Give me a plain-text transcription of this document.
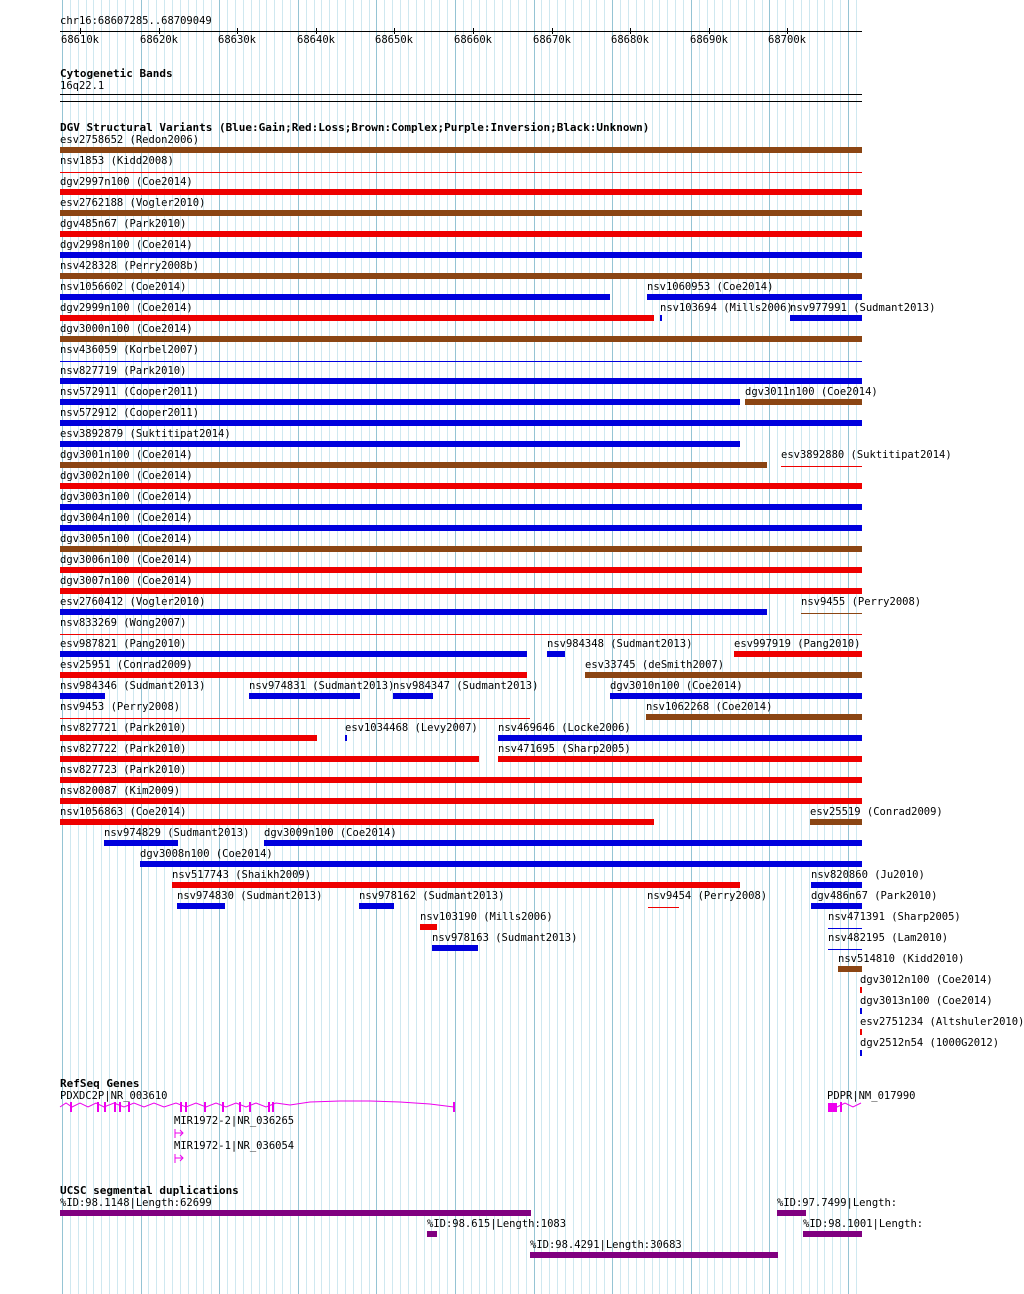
chr16:68607285..68709049
68610k	68620k	68630k	68640k	68650k	68660k	68670k	68680k	68690k	68700k
Cytogenetic Bands
16q22.1
DGV Structural Variants (Blue:Gain;Red:Loss;Brown:Complex;Purple:Inversion;Black:Unknown)
esv2758652 (Redon2006)
nsv1853 (Kidd2008)
dgv2997n100 (Coe2014)
esv2762188 (Vogler2010)
dgv485n67 (Park2010)
dgv2998n100 (Coe2014)
nsv428328 (Perry2008b)
nsv1056602 (Coe2014)	nsv1060953 (Coe2014)
dgv2999n100 (Coe2014)	nsv103694 (Mills2006)
nsv977991 (Sudmant2013)
dgv3000n100 (Coe2014)
nsv436059 (Korbel2007)
nsv827719 (Park2010)
nsv572911 (Cooper2011)	dgv3011n100 (Coe2014)
nsv572912 (Cooper2011)
esv3892879 (Suktitipat2014)
dgv3001n100 (Coe2014)	esv3892880 (Suktitipat2014)
dgv3002n100 (Coe2014)
dgv3003n100 (Coe2014)
dgv3004n100 (Coe2014)
dgv3005n100 (Coe2014)
dgv3006n100 (Coe2014)
dgv3007n100 (Coe2014)
esv2760412 (Vogler2010)	nsv9455 (Perry2008)
nsv833269 (Wong2007)
esv987821 (Pang2010)	nsv984348 (Sudmant2013)	esv997919 (Pang2010)
esv25951 (Conrad2009)	esv33745 (deSmith2007)
nsv984346 (Sudmant2013)	nsv974831 (Sudmant2013)
nsv984347 (Sudmant2013)	dgv3010n100 (Coe2014)
nsv9453 (Perry2008)	nsv1062268 (Coe2014)
nsv827721 (Park2010)	esv1034468 (Levy2007) nsv469646 (Locke2006)
nsv827722 (Park2010)	nsv471695 (Sharp2005)
nsv827723 (Park2010)
nsv820087 (Kim2009)
nsv1056863 (Coe2014)	esv25519 (Conrad2009)
nsv974829 (Sudmant2013) dgv3009n100 (Coe2014)
dgv3008n100 (Coe2014)
nsv517743 (Shaikh2009)	nsv820860 (Ju2010)
nsv974830 (Sudmant2013)	nsv978162 (Sudmant2013)	nsv9454 (Perry2008)	dgv486n67 (Park2010)
nsv103190 (Mills2006)	nsv471391 (Sharp2005)
nsv978163 (Sudmant2013)	nsv482195 (Lam2010)
nsv514810 (Kidd2010)
dgv3012n100 (Coe2014)
dgv3013n100 (Coe2014)
esv2751234 (Altshuler2010)
dgv2512n54 (1000G2012)
RefSeq Genes
PDXDC2P|NR_003610
MIR1972-2|NR_036265
MIR1972-1|NR_036054
PDPR|NM_017990
UCSC segmental duplications
%ID:98.1148|Length:62699	%ID:97.7499|Length:
%ID:98.615|Length:1083	%ID:98.1001|Length:
%ID:98.4291|Length:30683
